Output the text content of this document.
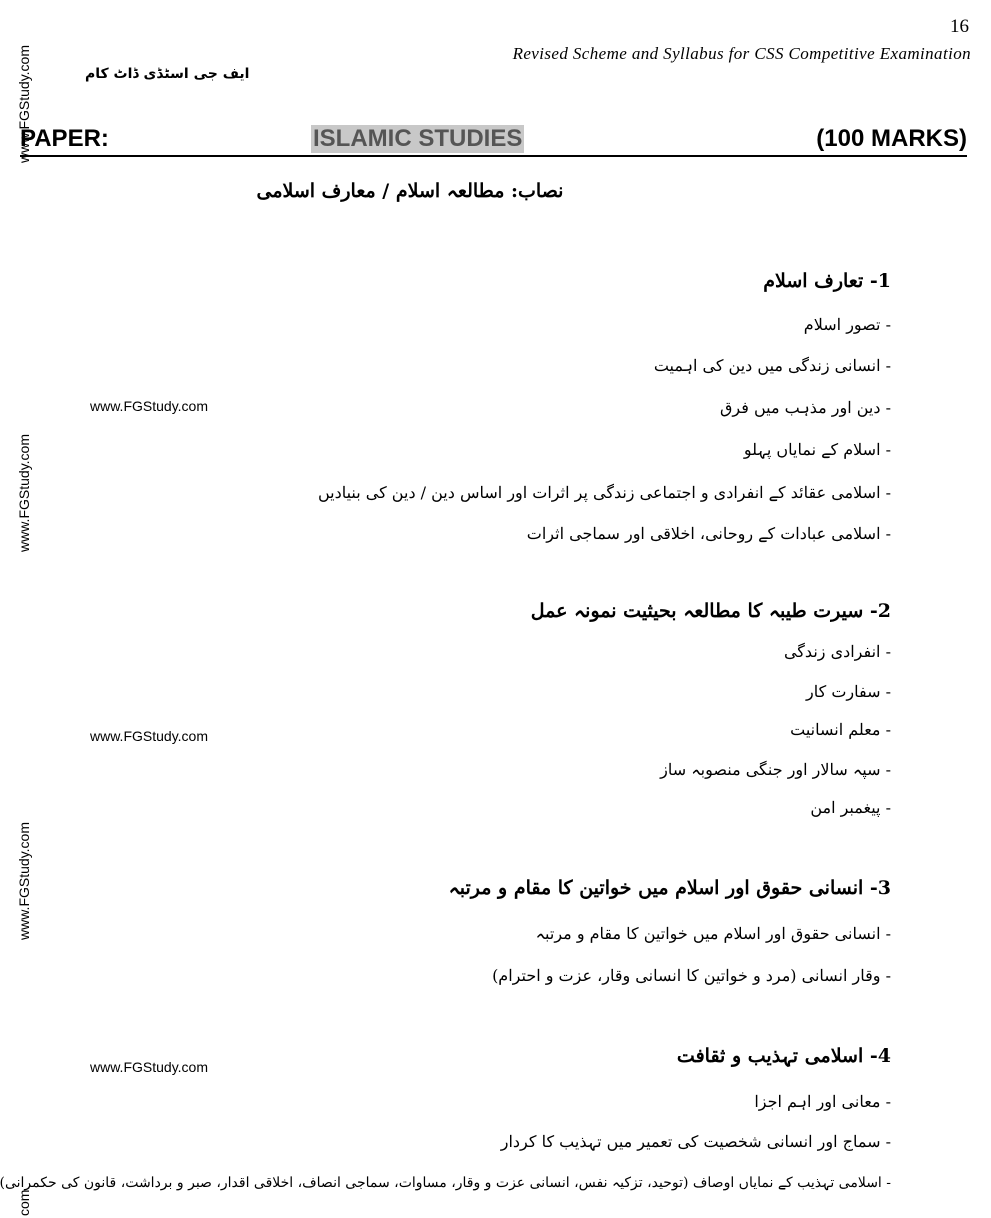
16
Revised Scheme and Syllabus for CSS Competitive Examination
ایف جی اسٹڈی ڈاٹ کام
PAPER:	ISLAMIC STUDIES	(100 MARKS)
نصاب: مطالعہ اسلام / معارف اسلامی
www.FGStudy.com
www.FGStudy.com
www.FGStudy.com
com
www.FGStudy.com
www.FGStudy.com
www.FGStudy.com
1- تعارف اسلام
- تصور اسلام
- انسانی زندگی میں دین کی اہمیت
- دین اور مذہب میں فرق
- اسلام کے نمایاں پہلو
- اسلامی عقائد کے انفرادی و اجتماعی زندگی پر اثرات اور اساس دین / دین کی بنیادیں
- اسلامی عبادات کے روحانی، اخلاقی اور سماجی اثرات
2- سیرت طیبہ کا مطالعہ بحیثیت نمونہ عمل
- انفرادی زندگی
- سفارت کار
- معلم انسانیت
- سپہ سالار اور جنگی منصوبہ ساز
- پیغمبر امن
3- انسانی حقوق اور اسلام میں خواتین کا مقام و مرتبہ
- انسانی حقوق اور اسلام میں خواتین کا مقام و مرتبہ
- وقار انسانی (مرد و خواتین کا انسانی وقار، عزت و احترام)
4- اسلامی تہذیب و ثقافت
- معانی اور اہم اجزا
- سماج اور انسانی شخصیت کی تعمیر میں تہذیب کا کردار
- اسلامی تہذیب کے نمایاں اوصاف (توحید، تزکیہ نفس، انسانی عزت و وقار، مساوات، سماجی انصاف، اخلاقی اقدار، صبر و برداشت، قانون کی حکمرانی)
